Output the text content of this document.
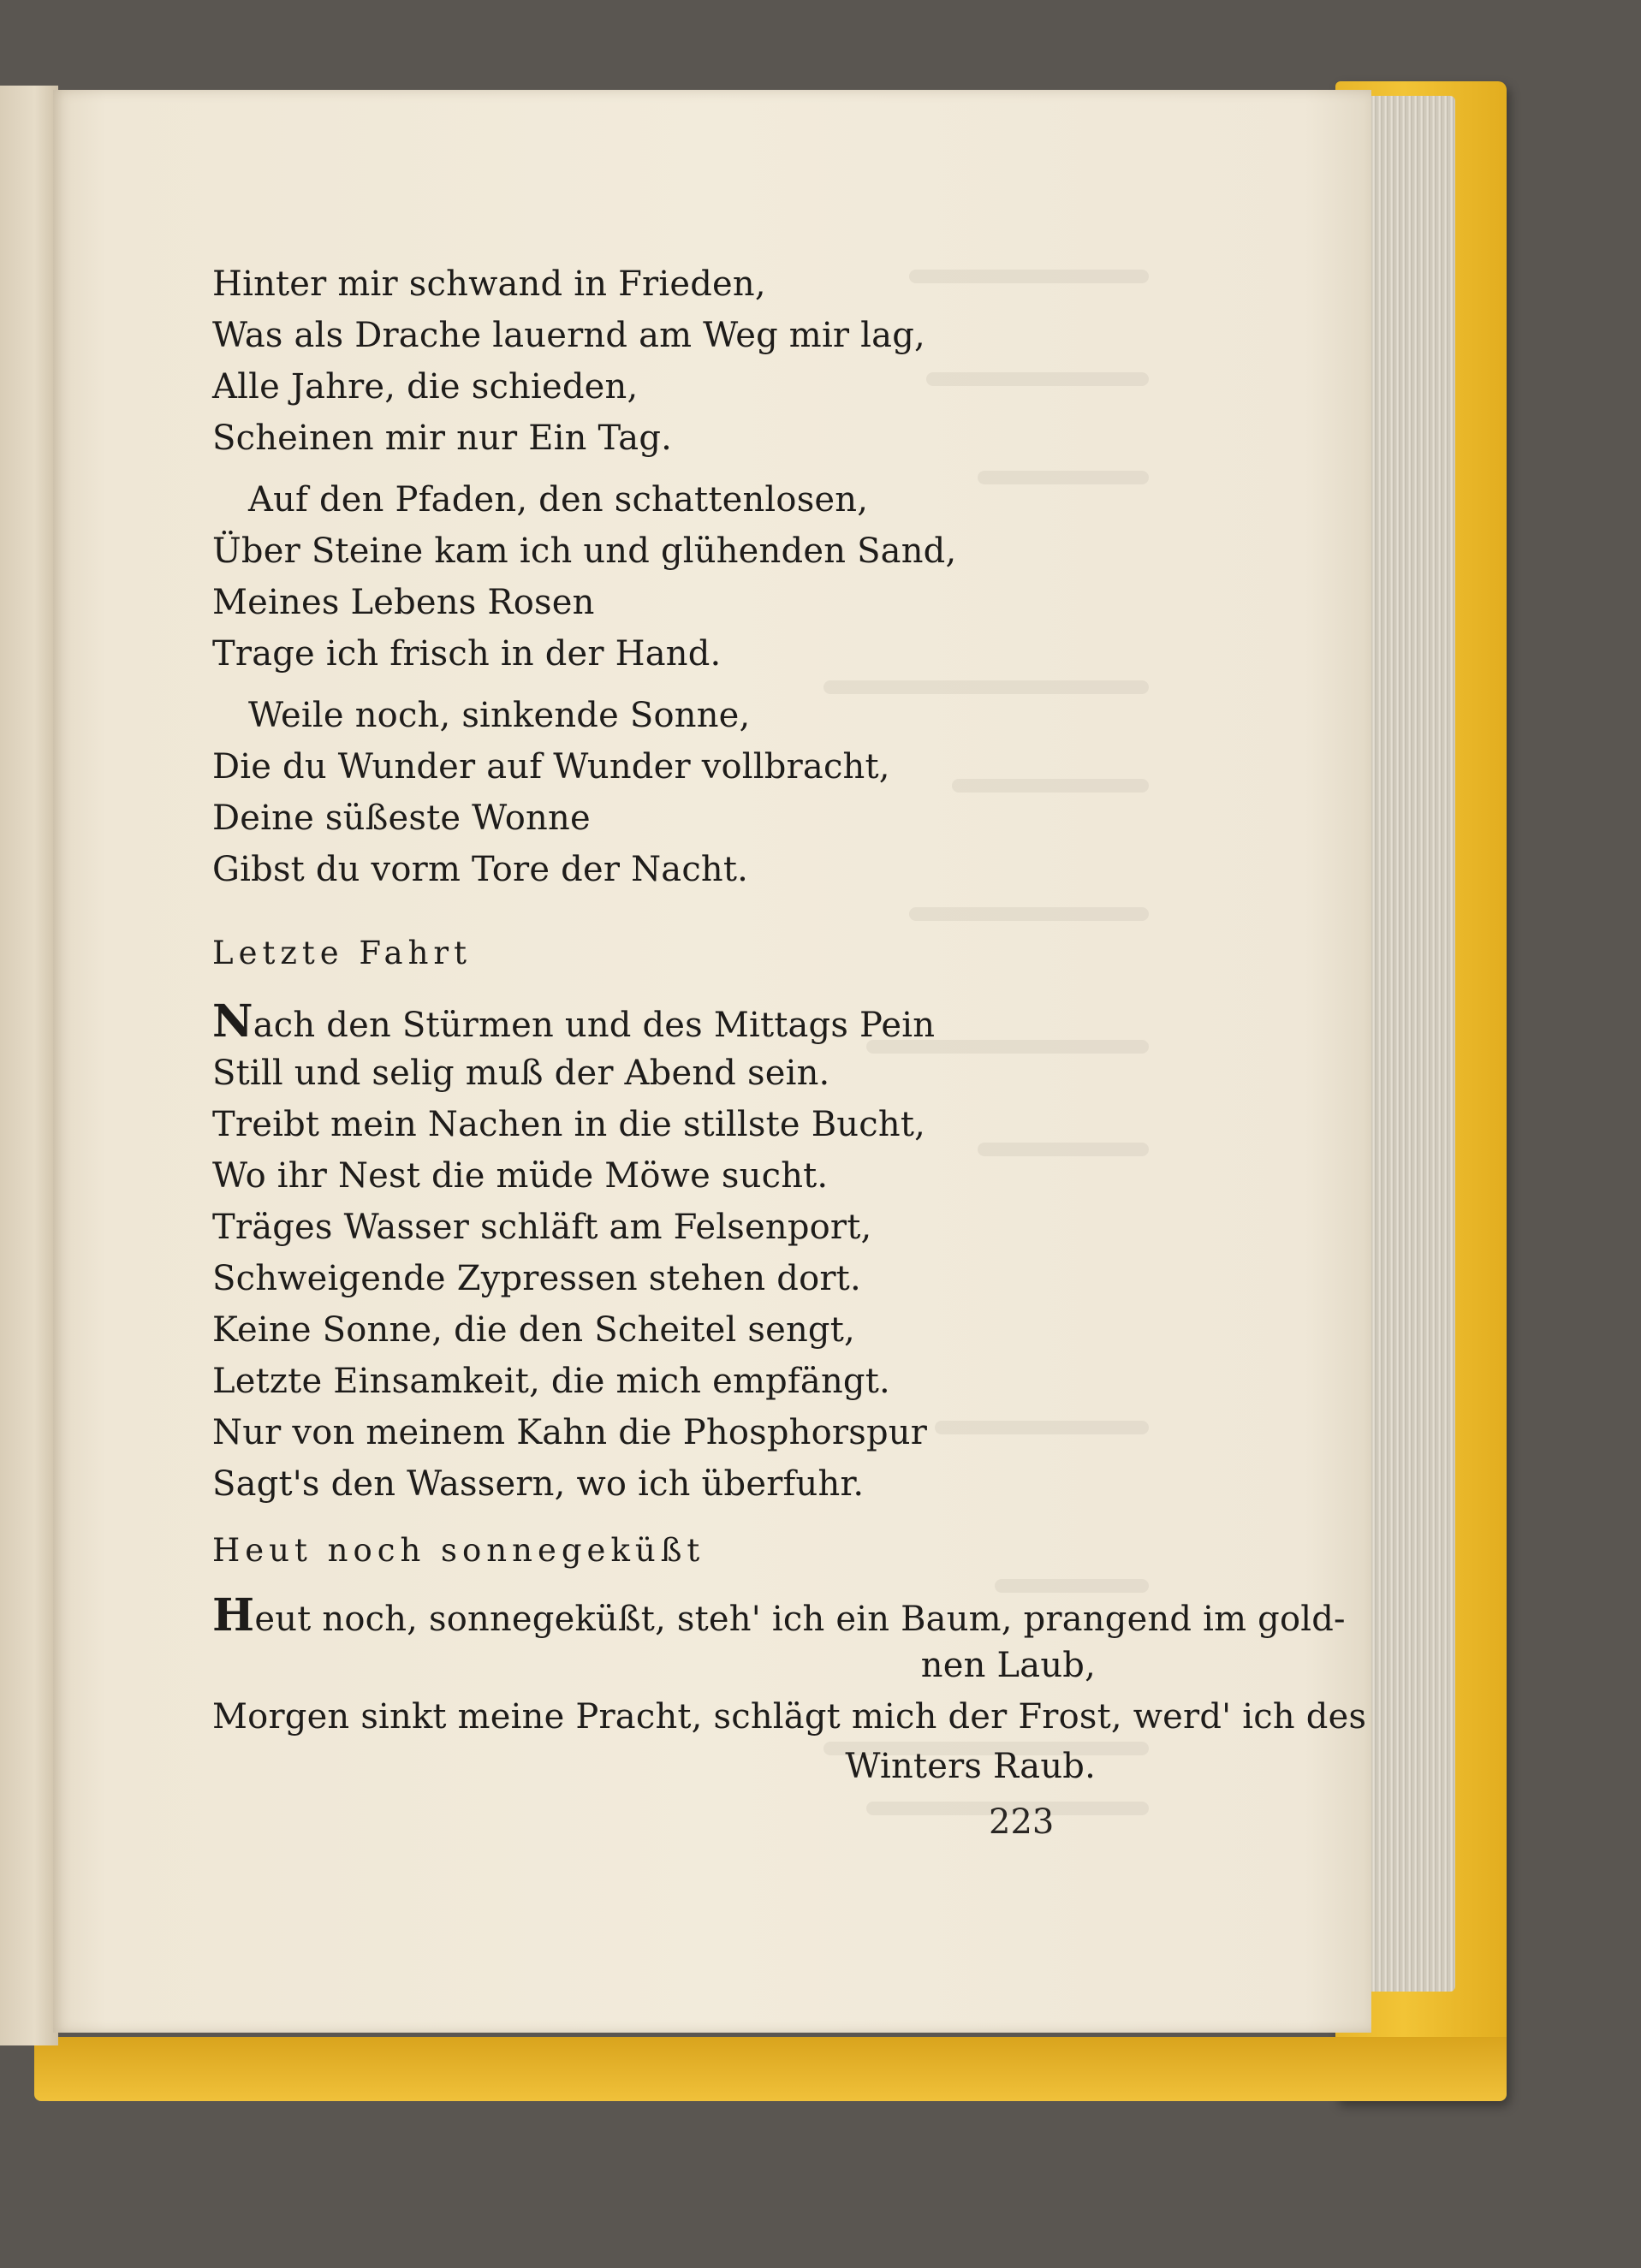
Hinter mir schwand in Frieden,
Was als Drache lauernd am Weg mir lag,
Alle Jahre, die schieden,
Scheinen mir nur Ein Tag.
Auf den Pfaden, den schattenlosen,
Über Steine kam ich und glühenden Sand,
Meines Lebens Rosen
Trage ich frisch in der Hand.
Weile noch, sinkende Sonne,
Die du Wunder auf Wunder vollbracht,
Deine süßeste Wonne
Gibst du vorm Tore der Nacht.
Letzte Fahrt
Nach den Stürmen und des Mittags Pein
Still und selig muß der Abend sein.
Treibt mein Nachen in die stillste Bucht,
Wo ihr Nest die müde Möwe sucht.
Träges Wasser schläft am Felsenport,
Schweigende Zypressen stehen dort.
Keine Sonne, die den Scheitel sengt,
Letzte Einsamkeit, die mich empfängt.
Nur von meinem Kahn die Phosphorspur
Sagt's den Wassern, wo ich überfuhr.
Heut noch sonnegeküßt
Heut noch, sonnegeküßt, steh' ich ein Baum, prangend im gold-
nen Laub,
Morgen sinkt meine Pracht, schlägt mich der Frost, werd' ich des
Winters Raub.
223
